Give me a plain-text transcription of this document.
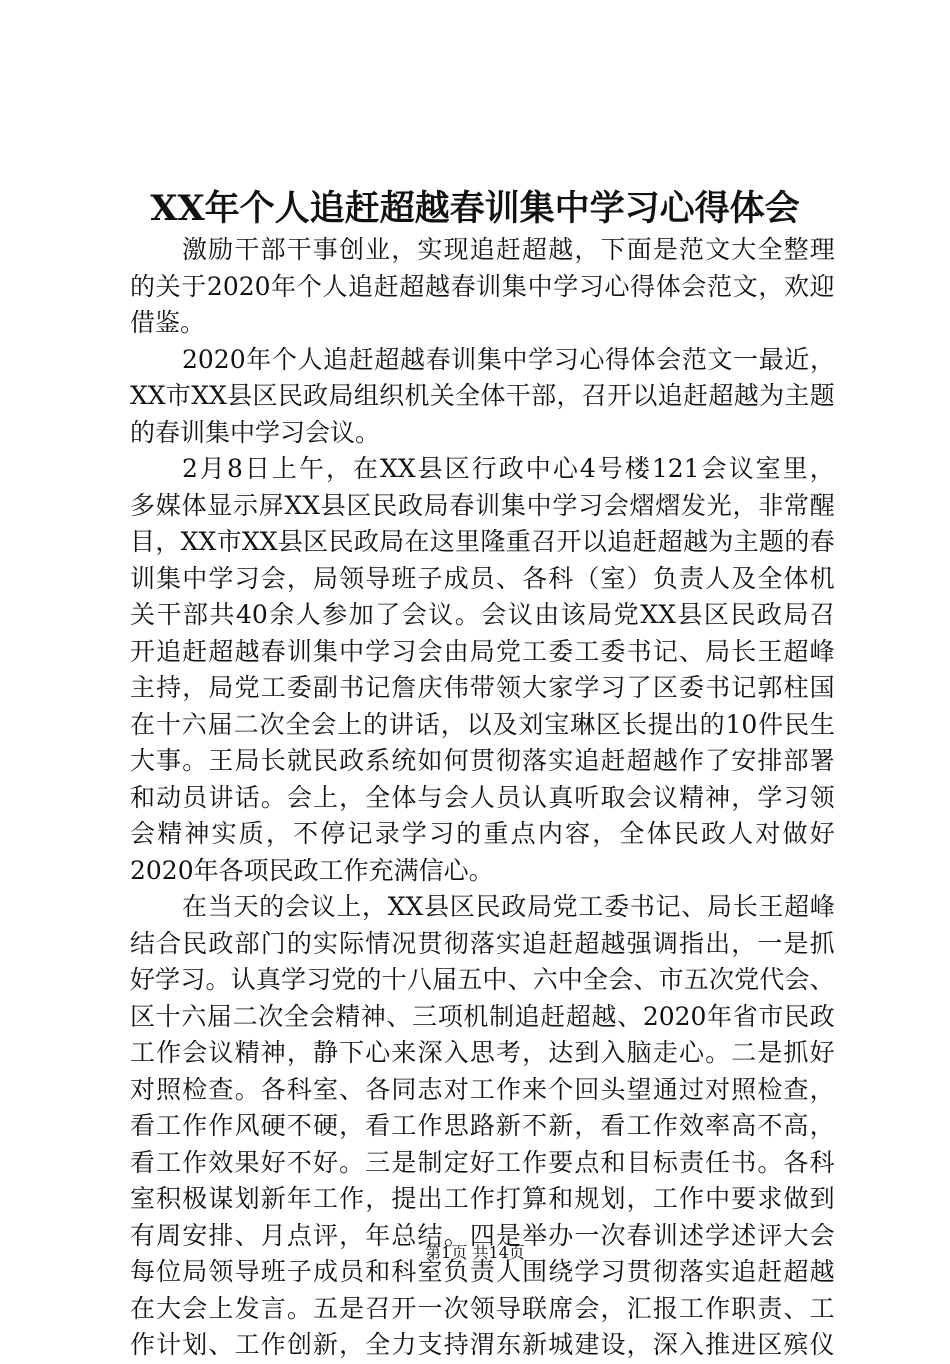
XX年个人追赶超越春训集中学习心得体会
激 励 干 部 干 事 创 业 ， 实 现 追 赶 超 越 ， 下 面 是 范 文 大 全 整 理
的 关 于 2020 年 个 人 追 赶 超 越 春 训 集 中 学 习 心 得 体 会 范 文 ， 欢 迎
借鉴。
2020 年 个 人 追 赶 超 越 春 训 集 中 学 习 心 得 体 会 范 文 一 最 近 ，
XX 市 XX 县 区 民 政 局 组 织 机 关 全 体 干 部 ， 召 开 以 追 赶 超 越 为 主 题
的春训集中学习会议。
2 月 8 日 上 午 ， 在 XX 县 区 行 政 中 心 4 号 楼 121 会 议 室 里 ，
多 媒 体 显 示 屏 XX 县 区 民 政 局 春 训 集 中 学 习 会 熠 熠 发 光 ， 非 常 醒
目 ， XX 市 XX 县 区 民 政 局 在 这 里 隆 重 召 开 以 追 赶 超 越 为 主 题 的 春
训 集 中 学 习 会 ， 局 领 导 班 子 成 员 、 各 科 （ 室 ） 负 责 人 及 全 体 机
关 干 部 共 40 余 人 参 加 了 会 议 。 会 议 由 该 局 党 XX 县 区 民 政 局 召
开 追 赶 超 越 春 训 集 中 学 习 会 由 局 党 工 委 工 委 书 记 、 局 长 王 超 峰
主 持 ， 局 党 工 委 副 书 记 詹 庆 伟 带 领 大 家 学 习 了 区 委 书 记 郭 柱 国
在 十 六 届 二 次 全 会 上 的 讲 话 ， 以 及 刘 宝 琳 区 长 提 出 的 10 件 民 生
大 事 。 王 局 长 就 民 政 系 统 如 何 贯 彻 落 实 追 赶 超 越 作 了 安 排 部 署
和 动 员 讲 话 。 会 上 ， 全 体 与 会 人 员 认 真 听 取 会 议 精 神 ， 学 习 领
会 精 神 实 质 ， 不 停 记 录 学 习 的 重 点 内 容 ， 全 体 民 政 人 对 做 好
2020年各项民政工作充满信心。
在 当 天 的 会 议 上 ， XX 县 区 民 政 局 党 工 委 书 记 、 局 长 王 超 峰
结 合 民 政 部 门 的 实 际 情 况 贯 彻 落 实 追 赶 超 越 强 调 指 出 ， 一 是 抓
好 学 习 。 认 真 学 习 党 的 十 八 届 五 中 、 六 中 全 会 、 市 五 次 党 代 会 、
区 十 六 届 二 次 全 会 精 神 、 三 项 机 制 追 赶 超 越 、 2020 年 省 市 民 政
工 作 会 议 精 神 ， 静 下 心 来 深 入 思 考 ， 达 到 入 脑 走 心 。 二 是 抓 好
对 照 检 查 。 各 科 室 、 各 同 志 对 工 作 来 个 回 头 望 通 过 对 照 检 查 ，
看 工 作 作 风 硬 不 硬 ， 看 工 作 思 路 新 不 新 ， 看 工 作 效 率 高 不 高 ，
看 工 作 效 果 好 不 好 。 三 是 制 定 好 工 作 要 点 和 目 标 责 任 书 。 各 科
室 积 极 谋 划 新 年 工 作 ， 提 出 工 作 打 算 和 规 划 ， 工 作 中 要 求 做 到
有 周 安 排 、 月 点 评 ， 年 总 结 。 四 是 举 办 一 次 春 训 述 学 述 评 大 会
每 位 局 领 导 班 子 成 员 和 科 室 负 责 人 围 绕 学 习 贯 彻 落 实 追 赶 超 越
在 大 会 上 发 言 。 五 是 召 开 一 次 领 导 联 席 会 ， 汇 报 工 作 职 责 、 工
作 计 划 、 工 作 创 新 ， 全 力 支 持 渭 东 新 城 建 设 ， 深 入 推 进 区 殡 仪
第1页 共14页
